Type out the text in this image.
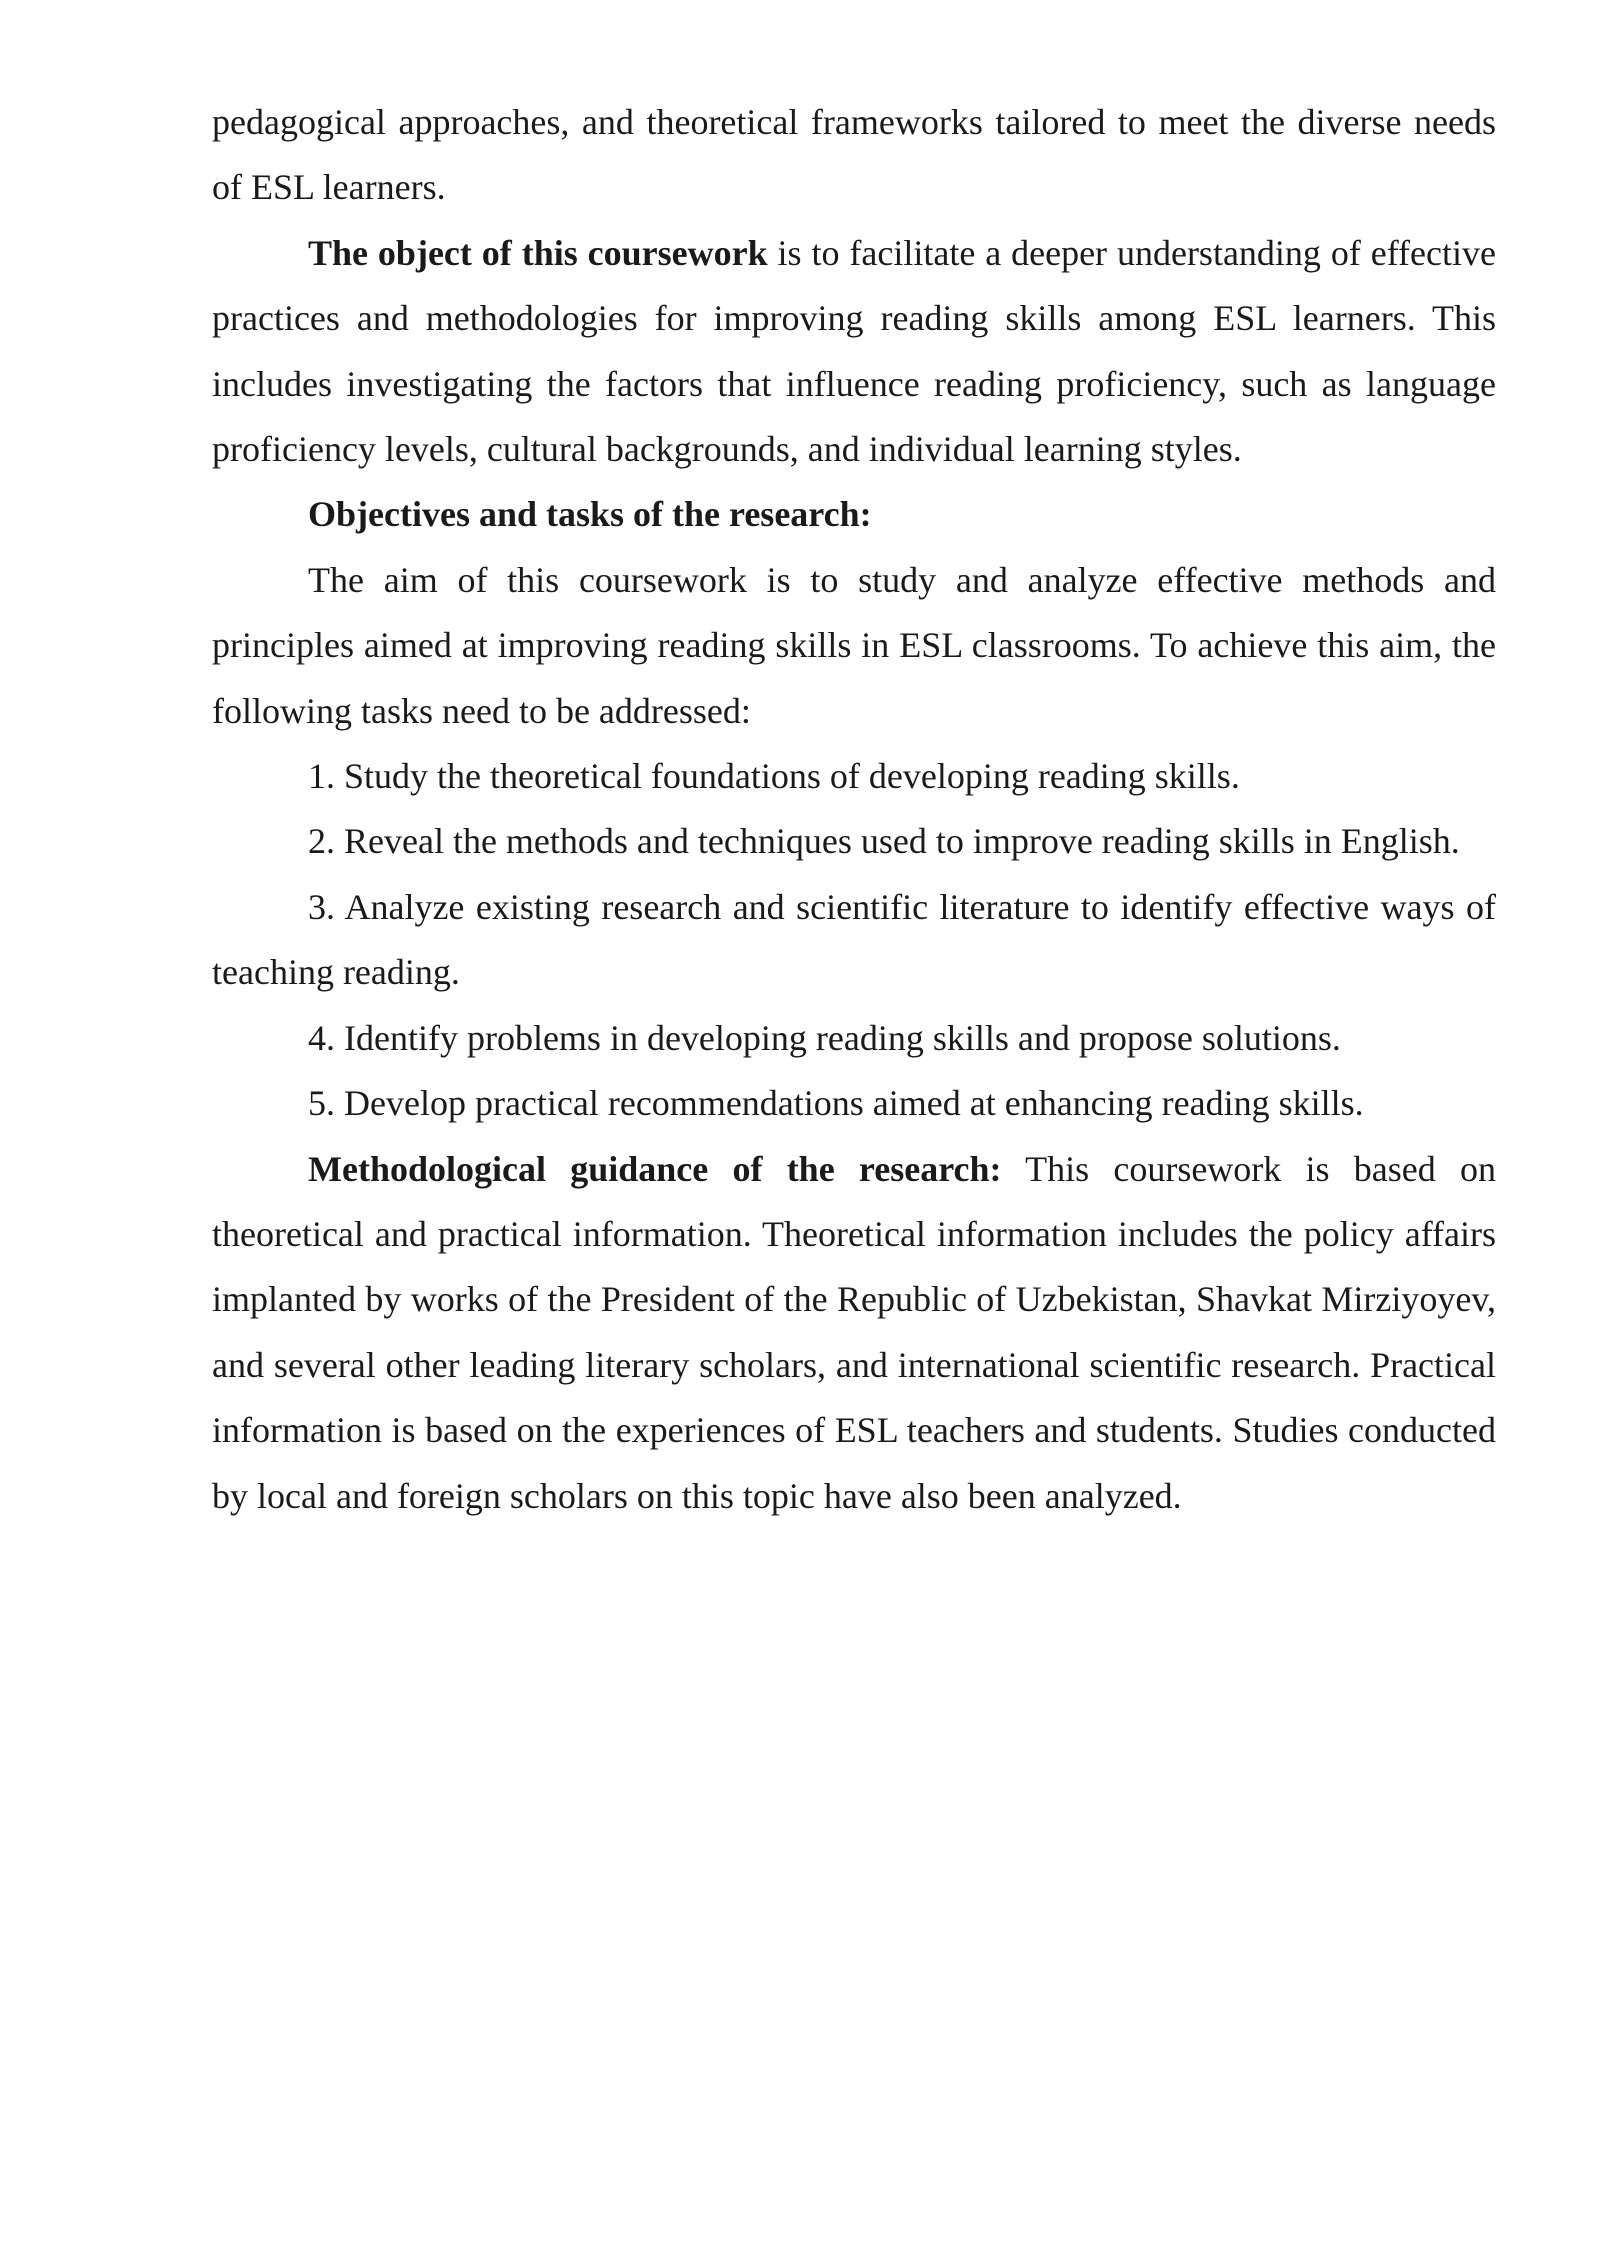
pedagogical approaches, and theoretical frameworks tailored to meet the diverse needs of ESL learners.

The object of this coursework is to facilitate a deeper understanding of effective practices and methodologies for improving reading skills among ESL learners. This includes investigating the factors that influence reading proficiency, such as language proficiency levels, cultural backgrounds, and individual learning styles.

Objectives and tasks of the research:

The aim of this coursework is to study and analyze effective methods and principles aimed at improving reading skills in ESL classrooms. To achieve this aim, the following tasks need to be addressed:

1. Study the theoretical foundations of developing reading skills.

2. Reveal the methods and techniques used to improve reading skills in English.

3. Analyze existing research and scientific literature to identify effective ways of teaching reading.

4. Identify problems in developing reading skills and propose solutions.

5. Develop practical recommendations aimed at enhancing reading skills.

Methodological guidance of the research: This coursework is based on theoretical and practical information. Theoretical information includes the policy affairs implanted by works of the President of the Republic of Uzbekistan, Shavkat Mirziyoyev, and several other leading literary scholars, and international scientific research. Practical information is based on the experiences of ESL teachers and students. Studies conducted by local and foreign scholars on this topic have also been analyzed.
